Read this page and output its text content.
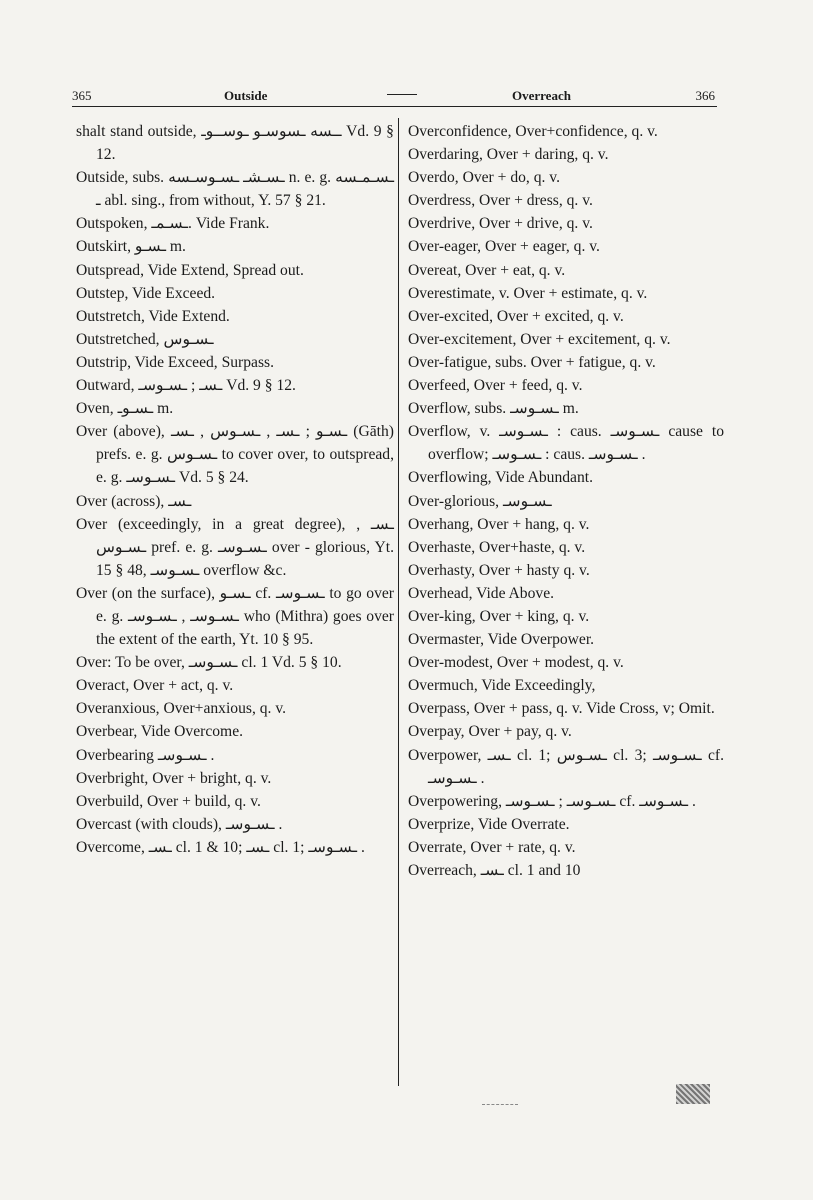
365	Outside	Overreach	366

shalt stand outside, ــسه ـسوسـو ـوســوـ Vd. 9 § 12.

Outside, subs. ـسـشـ ـسـوسـسه n. e. g. ـسـمـسه ـ abl. sing., from without, Y. 57 § 21.

Outspoken, ـسـمـ. Vide Frank.

Outskirt, ـسـو m.

Outspread, Vide Extend, Spread out.

Outstep, Vide Exceed.

Outstretch, Vide Extend.

Outstretched, ـسـوس

Outstrip, Vide Exceed, Surpass.

Outward, ـسـ ; ـسـوسـ Vd. 9 § 12.

Oven, ـسـوـ m.

Over (above), ـسـو ; ـسـ , ـسـوس , ـسـ (Gāth) prefs. e. g. ـسـوس to cover over, to outspread, e. g. ـسـوسـ Vd. 5 § 24.

Over (across), ـسـ

Over (exceedingly, in a great degree), ـسـ , ـسـوس pref. e. g. ـسـوسـ over - glorious, Yt. 15 § 48, ـسـوسـ overflow &c.

Over (on the surface), ـسـو cf. ـسـوسـ to go over e. g. ـسـوسـ , ـسـوسـ who (Mithra) goes over the extent of the earth, Yt. 10 § 95.

Over: To be over, ـسـوسـ cl. 1 Vd. 5 § 10.

Overact, Over + act, q. v.

Overanxious, Over+anxious, q. v.

Overbear, Vide Overcome.

Overbearing ـسـوسـ .

Overbright, Over + bright, q. v.

Overbuild, Over + build, q. v.

Overcast (with clouds), ـسـوسـ .

Overcome, ـسـ cl. 1 & 10; ـسـ cl. 1; ـسـوسـ .

Overconfidence, Over+confidence, q. v.

Overdaring, Over + daring, q. v.

Overdo, Over + do, q. v.

Overdress, Over + dress, q. v.

Overdrive, Over + drive, q. v.

Over-eager, Over + eager, q. v.

Overeat, Over + eat, q. v.

Overestimate, v. Over + estimate, q. v.

Over-excited, Over + excited, q. v.

Over-excitement, Over + excitement, q. v.

Over-fatigue, subs. Over + fatigue, q. v.

Overfeed, Over + feed, q. v.

Overflow, subs. ـسـوسـ m.

Overflow, v. ـسـوسـ : caus. ـسـوسـ cause to overflow; ـسـوسـ : caus. ـسـوسـ .

Overflowing, Vide Abundant.

Over-glorious, ـسـوسـ

Overhang, Over + hang, q. v.

Overhaste, Over+haste, q. v.

Overhasty, Over + hasty q. v.

Overhead, Vide Above.

Over-king, Over + king, q. v.

Overmaster, Vide Overpower.

Over-modest, Over + modest, q. v.

Overmuch, Vide Exceedingly,

Overpass, Over + pass, q. v. Vide Cross, v; Omit.

Overpay, Over + pay, q. v.

Overpower, ـسـ cl. 1; ـسـوس cl. 3; ـسـوسـ cf. ـسـوسـ .

Overpowering, ـسـوسـ ; ـسـوسـ cf. ـسـوسـ .

Overprize, Vide Overrate.

Overrate, Over + rate, q. v.

Overreach, ـسـ cl. 1 and 10
